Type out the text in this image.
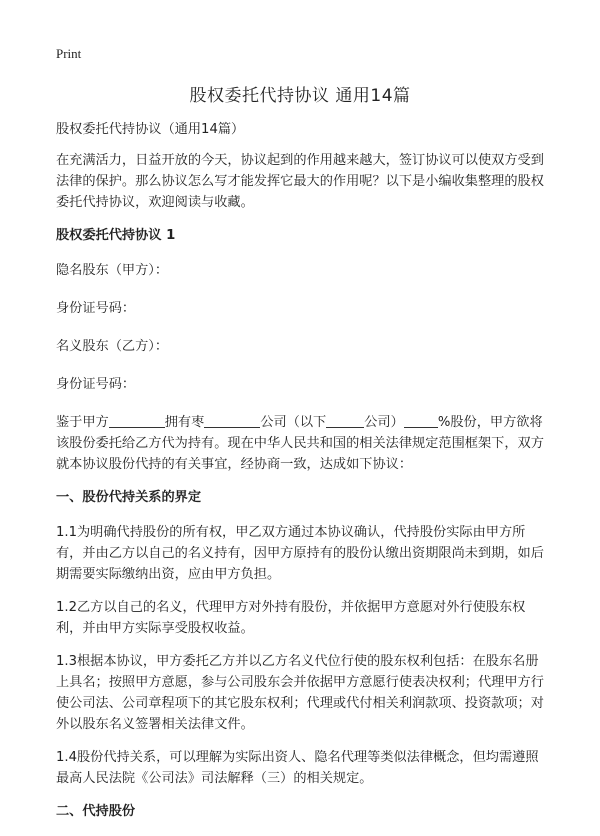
Print
股权委托代持协议 通用14篇

股权委托代持协议（通用14篇）

在充满活力，日益开放的今天，协议起到的作用越来越大，签订协议可以使双方受到法律的保护。那么协议怎么写才能发挥它最大的作用呢？以下是小编收集整理的股权委托代持协议，欢迎阅读与收藏。

股权委托代持协议 1

隐名股东（甲方）：

身份证号码：

名义股东（乙方）：

身份证号码：

鉴于甲方	拥有枣	公司（以下	公司）	%股份，甲方欲将该股份委托给乙方代为持有。现在中华人民共和国的相关法律规定范围框架下，双方就本协议股份代持的有关事宜，经协商一致，达成如下协议：

一、股份代持关系的界定

1.1为明确代持股份的所有权，甲乙双方通过本协议确认，代持股份实际由甲方所有，并由乙方以自己的名义持有，因甲方原持有的股份认缴出资期限尚未到期，如后期需要实际缴纳出资，应由甲方负担。

1.2乙方以自己的名义，代理甲方对外持有股份，并依据甲方意愿对外行使股东权利，并由甲方实际享受股权收益。

1.3根据本协议，甲方委托乙方并以乙方名义代位行使的股东权利包括：在股东名册上具名；按照甲方意愿，参与公司股东会并依据甲方意愿行使表决权利；代理甲方行使公司法、公司章程项下的其它股东权利；代理或代付相关利润款项、投资款项；对外以股东名义签署相关法律文件。

1.4股份代持关系，可以理解为实际出资人、隐名代理等类似法律概念，但均需遵照最高人民法院《公司法》司法解释（三）的相关规定。

二、代持股份
